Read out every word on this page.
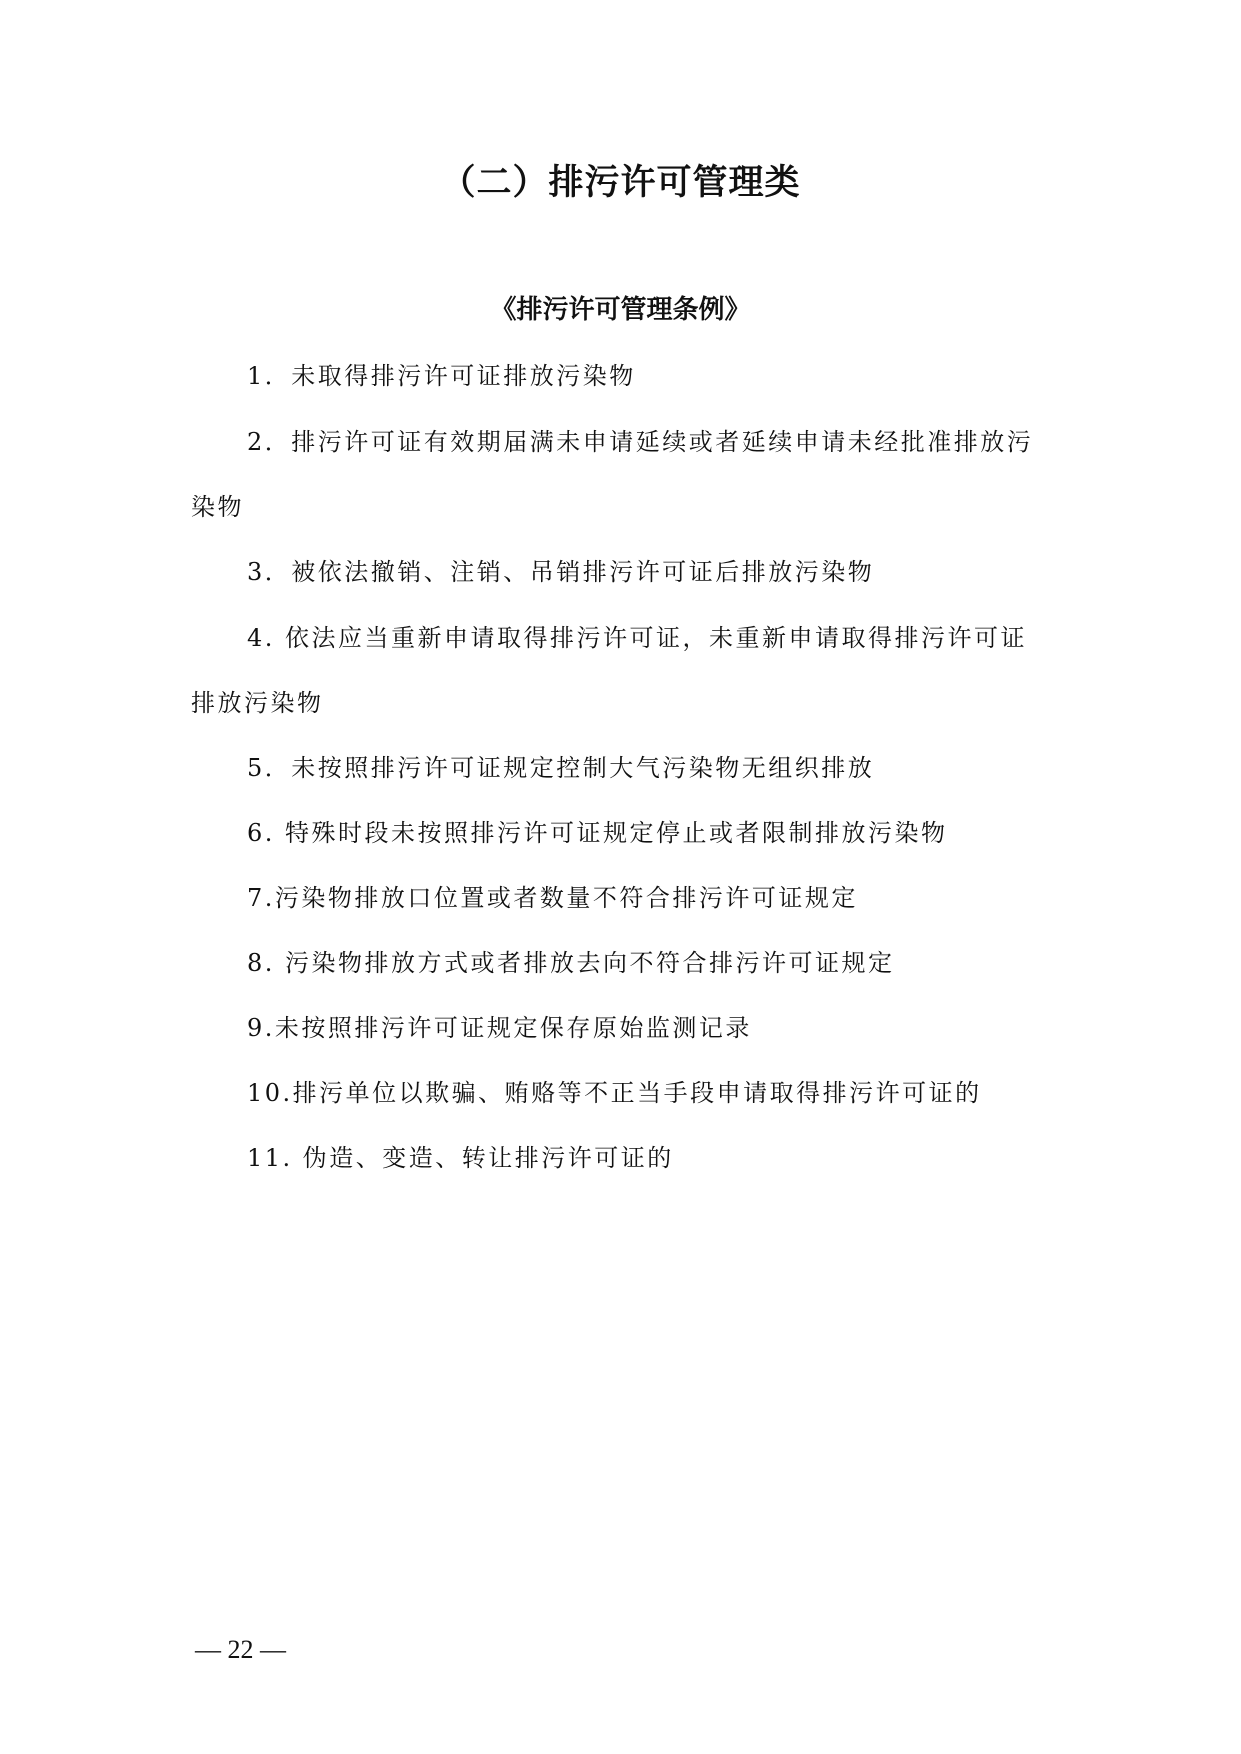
（二）排污许可管理类
《排污许可管理条例》

1．未取得排污许可证排放污染物

2．排污许可证有效期届满未申请延续或者延续申请未经批准排放污染物

3．被依法撤销、注销、吊销排污许可证后排放污染物

4. 依法应当重新申请取得排污许可证，未重新申请取得排污许可证排放污染物

5．未按照排污许可证规定控制大气污染物无组织排放

6. 特殊时段未按照排污许可证规定停止或者限制排放污染物

7.污染物排放口位置或者数量不符合排污许可证规定

8. 污染物排放方式或者排放去向不符合排污许可证规定

9.未按照排污许可证规定保存原始监测记录

10.排污单位以欺骗、贿赂等不正当手段申请取得排污许可证的

11. 伪造、变造、转让排污许可证的

— 22 —
